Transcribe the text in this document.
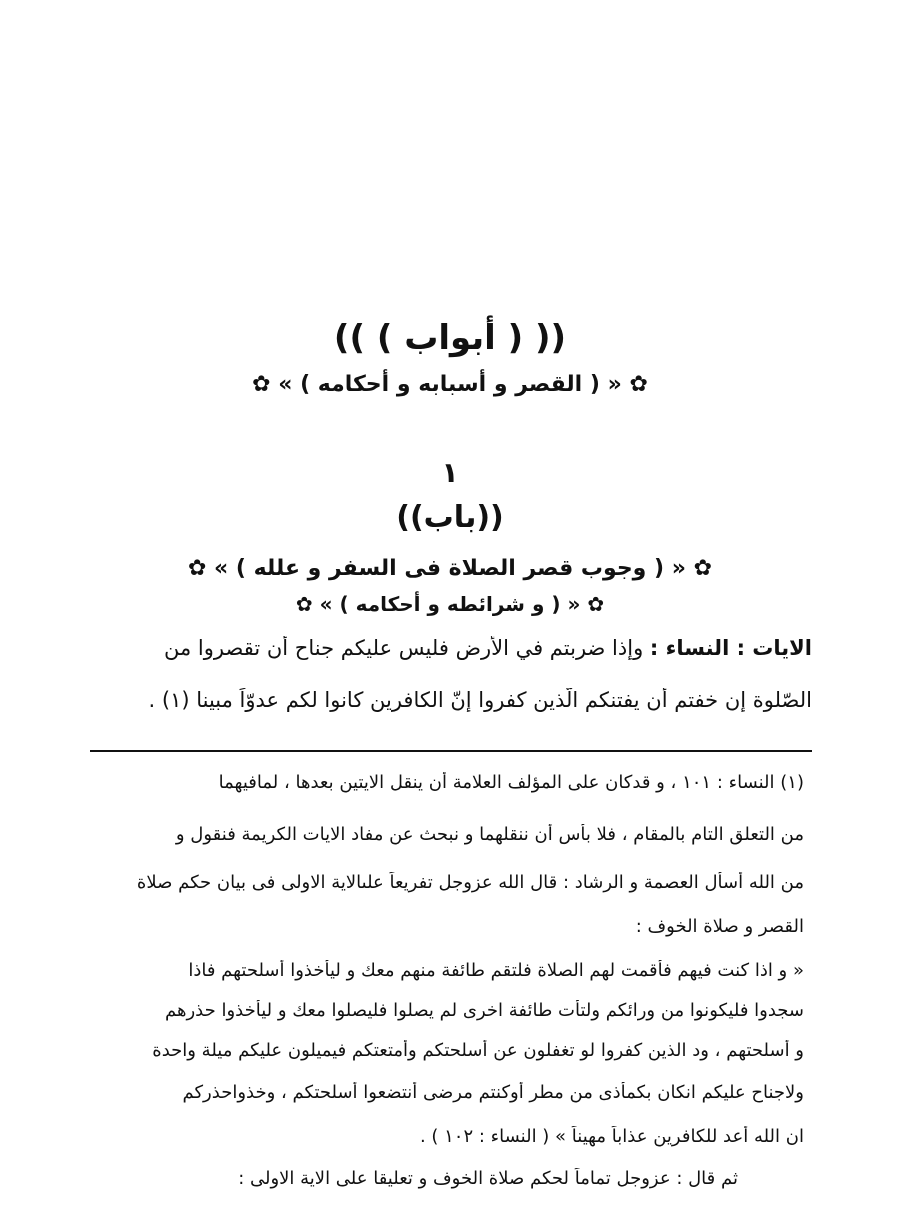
(( ( أبواب ) ))
✿ « ( القصر و أسبابه و أحكامه ) » ✿
١
((باب))
✿ « ( وجوب قصر الصلاة فى السفر و علله ) » ✿
✿ « ( و شرائطه و أحكامه ) » ✿
الايات : النساء : وإذا ضربتم في الأرض فليس عليكم جناح أن تقصروا من
الصّلوة إن خفتم أن يفتنكم الّذين كفروا إنّ الكافرين كانوا لكم عدوّاً مبينا (١) .
(١) النساء : ١٠١ ، و قدكان على المؤلف العلامة أن ينقل الايتين بعدها ، لمافيهما
من التعلق التام بالمقام ، فلا بأس أن ننقلهما و نبحث عن مفاد الايات الكريمة فنقول و
من الله أسأل العصمة و الرشاد : قال الله عزوجل تفريعاً علىالاية الاولى فى بيان حكم صلاة
القصر و صلاة الخوف :
« و اذا كنت فيهم فأقمت لهم الصلاة فلتقم طائفة منهم معك و ليأخذوا أسلحتهم فاذا
سجدوا فليكونوا من ورائكم ولتأت طائفة اخرى لم يصلوا فليصلوا معك و ليأخذوا حذرهم
و أسلحتهم ، ود الذين كفروا لو تغفلون عن أسلحتكم وأمتعتكم فيميلون عليكم ميلة واحدة
ولاجناح عليكم انكان بكمأذى من مطر أوكنتم مرضى أنتضعوا أسلحتكم ، وخذواحذركم
ان الله أعد للكافرين عذاباً مهيناً » ( النساء : ١٠٢ ) .
ثم قال : عزوجل تماماً لحكم صلاة الخوف و تعليقا على الاية الاولى :
